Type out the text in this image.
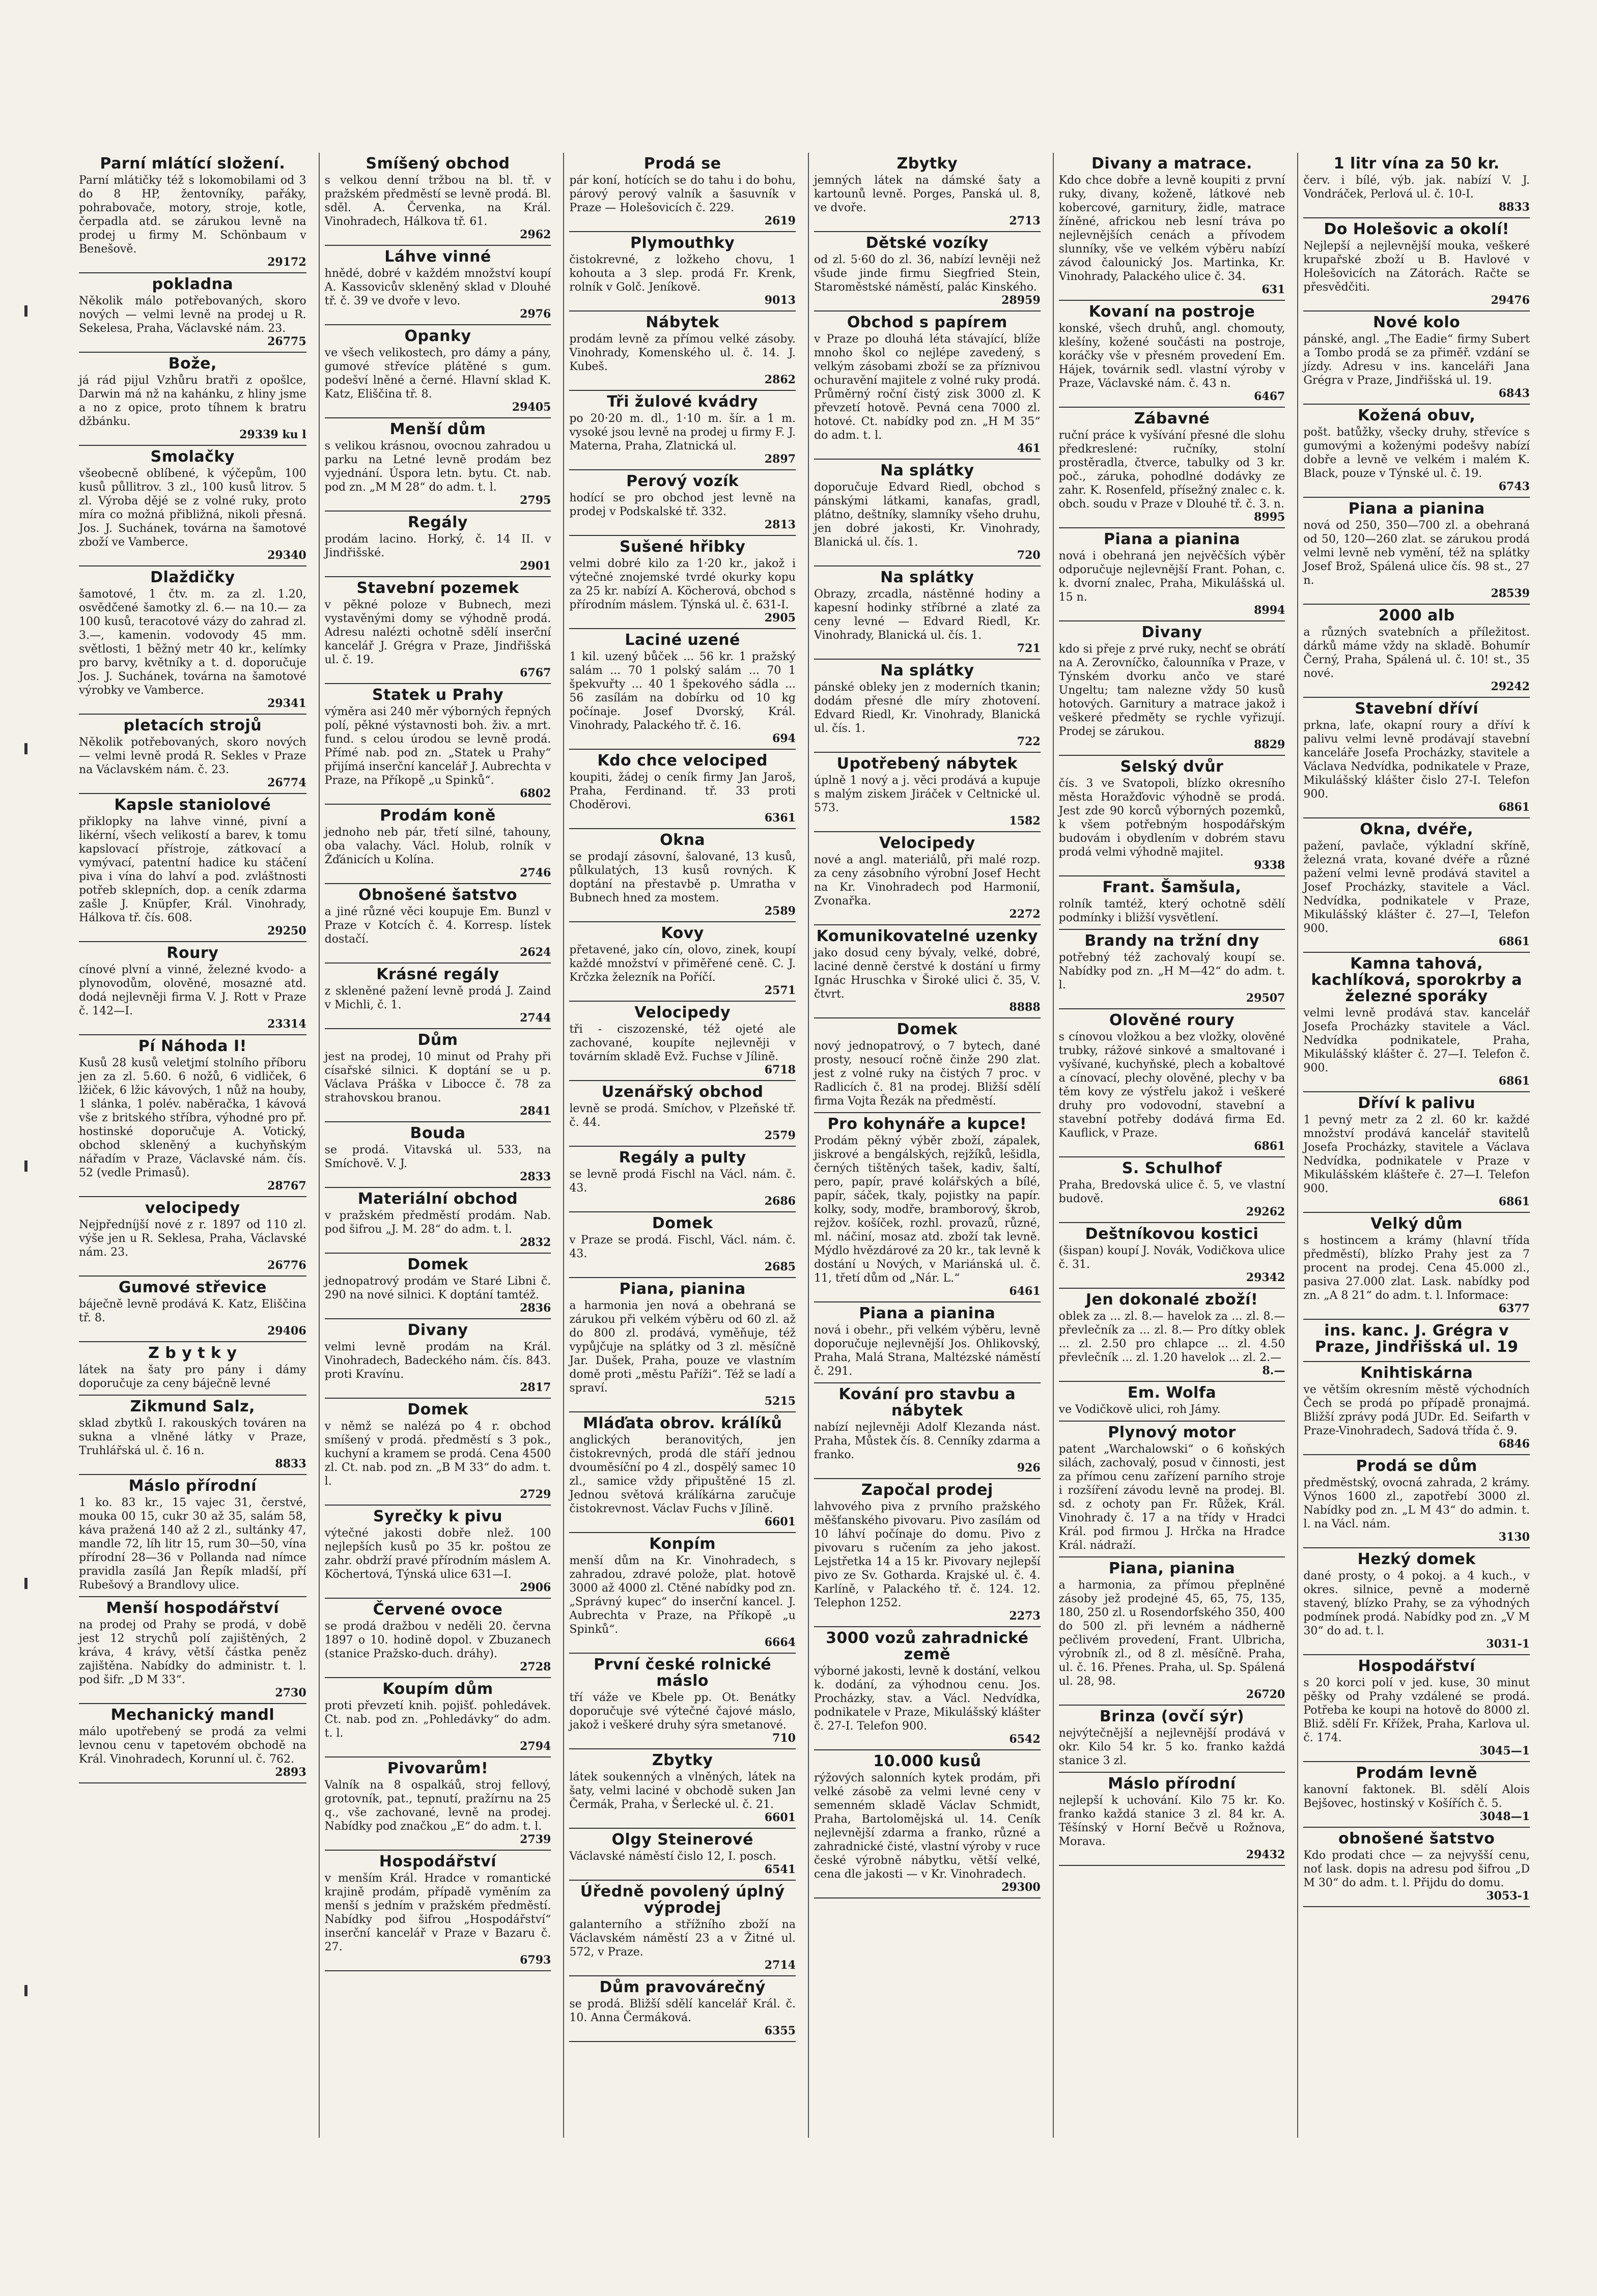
Parní mlátící složení.

Parní mlátičky též s lokomobilami od 3 do 8 HP, žentovníky, pařáky, pohrabovače, motory, stroje, kotle, čerpadla atd. se zárukou levně na prodej u firmy M. Schönbaum v Benešově.

29172
pokladna

Několik málo potřebovaných, skoro nových — velmi levně na prodej u R. Sekelesa, Praha, Václavské nám. 23.

26775
Bože,

já rád pijul Vzhůru bratři z opošlce, Darwin má nž na kahánku, z hliny jsme a no z opice, proto tíhnem k bratru džbánku.

29339 ku l
Smolačky

všeobecně oblíbené, k výčepům, 100 kusů půllitrov. 3 zl., 100 kusů litrov. 5 zl. Výroba dějé se z volné ruky, proto míra co možná přibližná, nikoli přesná. Jos. J. Suchánek, továrna na šamotové zboží ve Vamberce.

29340
Dlaždičky

šamotové, 1 čtv. m. za zl. 1.20, osvědčené šamotky zl. 6.— na 10.— za 100 kusů, teracotové vázy do zahrad zl. 3.—, kamenin. vodovody 45 mm. světlosti, 1 běžný metr 40 kr., kelímky pro barvy, květníky a t. d. doporučuje Jos. J. Suchánek, továrna na šamotové výrobky ve Vamberce.

29341
pletacích strojů

Několik potřebovaných, skoro nových — velmi levně prodá R. Sekles v Praze na Václavském nám. č. 23.

26774
Kapsle staniolové

přiklopky na lahve vinné, pivní a likérní, všech velikostí a barev, k tomu kapslovací přístroje, zátkovací a vymývací, patentní hadice ku stáčení piva i vína do lahví a pod. zvláštnosti potřeb sklepních, dop. a ceník zdarma zašle J. Knüpfer, Král. Vinohrady, Hálkova tř. čís. 608.

29250
Roury

cínové plvní a vinné, železné kvodo- a plynovodům, olověné, mosazné atd. dodá nejlevněji firma V. J. Rott v Praze č. 142—I.

23314
Pí Náhoda I!

Kusů 28 kusů veletjmí stolního příboru jen za zl. 5.60. 6 nožů, 6 vidliček, 6 lžiček, 6 lžic kávových, 1 nůž na houby, 1 slánka, 1 polév. naběračka, 1 kávová vše z britského stříbra, výhodné pro př. hostinské doporučuje A. Votický, obchod skleněný a kuchyňským nářadím v Praze, Václavské nám. čís. 52 (vedle Primasů).

28767
velocipedy

Nejpředníjší nové z r. 1897 od 110 zl. výše jen u R. Seklesa, Praha, Václavské nám. 23.

26776
Gumové střevice

báječně levně prodává K. Katz, Eliščina tř. 8.

29406
Z b y t k y

látek na šaty pro pány i dámy doporučuje za ceny báječně levné

Zikmund Salz,

sklad zbytků I. rakouských továren na sukna a vlněné látky v Praze, Truhlářská ul. č. 16 n.

8833
Máslo přírodní

1 ko. 83 kr., 15 vajec 31, čerstvé, mouka 00 15, cukr 30 až 35, salám 58, káva pražená 140 až 2 zl., sultánky 47, mandle 72, líh litr 15, rum 30—50, vína přírodní 28—36 v Pollanda nad nímce pravidla zasílá Jan Řepík mladší, pří Rubešový a Brandlovy ulice.

Menší hospodářství

na prodej od Prahy se prodá, v době jest 12 strychů polí zajištěných, 2 kráva, 4 krávy, větší částka peněz zajištěna. Nabídky do administr. t. l. pod šifr. „D M 33“.

2730
Mechanický mandl

málo upotřebený se prodá za velmi levnou cenu v tapetovém obchodě na Král. Vinohradech, Korunní ul. č. 762.

2893
Smíšený obchod

s velkou denní tržbou na bl. tř. v pražském předměstí se levně prodá. Bl. sděl. A. Červenka, na Král. Vinohradech, Hálkova tř. 61.

2962
Láhve vinné

hnědé, dobré v každém množství koupí A. Kassovicův skleněný sklad v Dlouhé tř. č. 39 ve dvoře v levo.

2976
Opanky

ve všech velikostech, pro dámy a pány, gumové střevíce plátěné s gum. podešví lněné a černé. Hlavní sklad K. Katz, Eliščina tř. 8.

29405
Menší dům

s velikou krásnou, ovocnou zahradou u parku na Letné levně prodám bez vyjednání. Úspora letn. bytu. Ct. nab. pod zn. „M M 28“ do adm. t. l.

2795
Regály

prodám lacino. Horký, č. 14 II. v Jindřišské.

2901
Stavební pozemek

v pěkné poloze v Bubnech, mezi vystavěnými domy se výhodně prodá. Adresu nalézti ochotně sdělí inserční kancelář J. Grégra v Praze, Jindřišská ul. č. 19.

6767
Statek u Prahy

výměra asi 240 měr výborných řepných polí, pěkné výstavnosti boh. živ. a mrt. fund. s celou úrodou se levně prodá. Přímé nab. pod zn. „Statek u Prahy“ přijímá inserční kancelář J. Aubrechta v Praze, na Příkopě „u Spinků“.

6802
Prodám koně

jednoho neb pár, třetí silné, tahouny, oba valachy. Václ. Holub, rolník v Žďánicích u Kolína.

2746
Obnošené šatstvo

a jiné různé věci koupuje Em. Bunzl v Praze v Kotcích č. 4. Korresp. lístek dostačí.

2624
Krásné regály

z skleněné pažení levně prodá J. Zaind v Michli, č. 1.

2744
Dům

jest na prodej, 10 minut od Prahy při císařské silnici. K doptání se u p. Václava Práška v Libocce č. 78 za strahovskou branou.

2841
Bouda

se prodá. Vitavská ul. 533, na Smíchově. V. J.

2833
Materiální obchod

v pražském předměstí prodám. Nab. pod šifrou „J. M. 28“ do adm. t. l.

2832
Domek

jednopatrový prodám ve Staré Libni č. 290 na nové silnici. K doptání tamtéž.

2836
Divany

velmi levně prodám na Král. Vinohradech, Badeckého nám. čís. 843. proti Kravínu.

2817
Domek

v němž se nalézá po 4 r. obchod smíšený v prodá. předměstí s 3 pok., kuchyní a kramem se prodá. Cena 4500 zl. Ct. nab. pod zn. „B M 33“ do adm. t. l.

2729
Syrečky k pivu

výtečné jakosti dobře nlež. 100 nejlepších kusů po 35 kr. poštou ze zahr. obdrží pravé přírodním máslem A. Köchertová, Týnská ulice 631—I.

2906
Červené ovoce

se prodá dražbou v neděli 20. června 1897 o 10. hodině dopol. v Zbuzanech (stanice Pražsko-duch. dráhy).

2728
Koupím dům

proti převzetí knih. pojišť. pohledávek. Ct. nab. pod zn. „Pohledávky“ do adm. t. l.

2794
Pivovarům!

Valník na 8 ospalkáů, stroj fellový, grotovník, pat., tepnutí, pražírnu na 25 q., vše zachované, levně na prodej. Nabídky pod značkou „E“ do adm. t. l.

2739
Hospodářství

v menším Král. Hradce v romantické krajině prodám, případě vyměním za menší s jedním v pražském předměstí. Nabídky pod šifrou „Hospodářství“ inserční kancelář v Praze v Bazaru č. 27.

6793
Prodá se

pár koní, hotících se do tahu i do bohu, párový perový valník a šasuvník v Praze — Holešovicích č. 229.

2619
Plymouthky

čistokrevné, z ložkeho chovu, 1 kohouta a 3 slep. prodá Fr. Krenk, rolník v Golč. Jeníkově.

9013
Nábytek

prodám levně za přímou velké zásoby. Vinohrady, Komenského ul. č. 14. J. Kubeš.

2862
Tři žulové kvádry

po 20·20 m. dl., 1·10 m. šír. a 1 m. vysoké jsou levně na prodej u firmy F. J. Materna, Praha, Zlatnická ul.

2897
Perový vozík

hodící se pro obchod jest levně na prodej v Podskalské tř. 332.

2813
Sušené hřibky

velmi dobré kilo za 1·20 kr., jakož i výtečné znojemské tvrdé okurky kopu za 25 kr. nabízí A. Köcherová, obchod s přírodním máslem. Týnská ul. č. 631-I.

2905
Laciné uzené

1 kil. uzený bůček ... 56 kr. 1 pražský salám ... 70 1 polský salám ... 70 1 špekvuřty ... 40 1 špekového sádla ... 56 zasílám na dobírku od 10 kg počínaje. Josef Dvorský, Král. Vinohrady, Palackého tř. č. 16.

694
Kdo chce velociped

koupiti, žádej o ceník firmy Jan Jaroš, Praha, Ferdinand. tř. 33 proti Choděrovi.

6361
Okna

se prodají zásovní, šalované, 13 kusů, půlkulatých, 13 kusů rovných. K doptání na přestavbě p. Umratha v Bubnech hned za mostem.

2589
Kovy

přetavené, jako cín, olovo, zinek, koupí každé množství v přiměřené ceně. C. J. Krčzka železník na Poříčí.

2571
Velocipedy

tři - ciszozenské, též ojeté ale zachované, koupíte nejlevněji v továrním skladě Evž. Fuchse v Jílině.

6718
Uzenářský obchod

levně se prodá. Smíchov, v Plzeňské tř. č. 44.

2579
Regály a pulty

se levně prodá Fischl na Václ. nám. č. 43.

2686
Domek

v Praze se prodá. Fischl, Václ. nám. č. 43.

2685
Piana, pianina

a harmonia jen nová a obehraná se zárukou při velkém výběru od 60 zl. až do 800 zl. prodává, vyměňuje, též vypůjčuje na splátky od 3 zl. měsíčně Jar. Dušek, Praha, pouze ve vlastním domě proti „městu Paříži“. Též se ladí a spraví.

5215
Mláďata obrov. králíků

anglických beranovitých, jen čistokrevných, prodá dle stáří jednou dvouměsíční po 4 zl., dospělý samec 10 zl., samice vždy připuštěné 15 zl. Jednou světová králíkárna zaručuje čistokrevnost. Václav Fuchs v Jílině.

6601
Konpím

menší dům na Kr. Vinohradech, s zahradou, zdravé polože, plat. hotově 3000 až 4000 zl. Ctěné nabídky pod zn. „Správný kupec“ do inserční kancel. J. Aubrechta v Praze, na Příkopě „u Spinků“.

6664
První české rolnické máslo

tří váže ve Kbele pp. Ot. Benátky doporučuje své výtečné čajové máslo, jakož i veškeré druhy sýra smetanové.

710
Zbytky

látek soukenných a vlněných, látek na šaty, velmi laciné v obchodě suken Jan Čermák, Praha, v Šerlecké ul. č. 21.

6601
Olgy Steinerové

Václavské náměstí čislo 12, I. posch.

6541
Úředně povolený úplný výprodej

galanterního a střížního zboží na Václavském náměstí 23 a v Žitné ul. 572, v Praze.

2714
Dům pravovárečný

se prodá. Bližší sdělí kancelář Král. č. 10. Anna Čermáková.

6355
Zbytky

jemných látek na dámské šaty a kartounů levně. Porges, Panská ul. 8, ve dvoře.

2713
Dětské vozíky

od zl. 5·60 do zl. 36, nabízí levněji než všude jinde firmu Siegfried Stein, Staroměstské náměstí, palác Kinského.

28959
Obchod s papírem

v Praze po dlouhá léta stávající, blíže mnoho škol co nejlépe zavedený, s velkým zásobami zboží se za příznivou ochuravění majitele z volné ruky prodá. Průměrný roční čistý zisk 3000 zl. K převzetí hotově. Pevná cena 7000 zl. hotové. Ct. nabídky pod zn. „H M 35“ do adm. t. l.

461
Na splátky

doporučuje Edvard Riedl, obchod s pánskými látkami, kanafas, gradl, plátno, deštníky, slamníky všeho druhu, jen dobré jakosti, Kr. Vinohrady, Blanická ul. čís. 1.

720
Na splátky

Obrazy, zrcadla, nástěnné hodiny a kapesní hodinky stříbrné a zlaté za ceny levné — Edvard Riedl, Kr. Vinohrady, Blanická ul. čís. 1.

721
Na splátky

pánské obleky jen z moderních tkanin; dodám přesné dle míry zhotovení. Edvard Riedl, Kr. Vinohrady, Blanická ul. čís. 1.

722
Upotřebený nábytek

úplně 1 nový a j. věci prodává a kupuje s malým ziskem Jiráček v Celtnické ul. 573.

1582
Velocipedy

nové a angl. materiálů, při malé rozp. za ceny zásobního výrobní Josef Hecht na Kr. Vinohradech pod Harmonií, Zvonařka.

2272
Komunikovatelné uzenky

jako dosud ceny bývaly, velké, dobré, laciné denně čerstvé k dostání u firmy Ignác Hruschka v Široké ulici č. 35, V. čtvrt.

8888
Domek

nový jednopatrový, o 7 bytech, dané prosty, nesoucí ročně činže 290 zlat. jest z volné ruky na čistých 7 proc. v Radlicích č. 81 na prodej. Bližší sdělí firma Vojta Řezák na předměstí.

Pro kohynáře a kupce!

Prodám pěkný výběr zboží, zápalek, jiskrové a bengálských, rejžíků, lešidla, černých tištěných tašek, kadiv, šaltí, pero, papír, pravé kolářských a bílé, papír, sáček, tkaly, pojistky na papír. kolky, sody, modře, bramborový, škrob, rejžov. košíček, rozhl. provazů, různé, ml. náčiní, mosaz atd. zboží tak levně. Mýdlo hvězdárové za 20 kr., tak levně k dostání u Nových, v Mariánská ul. č. 11, třetí dům od „Nár. L.“

6461
Piana a pianina

nová i obehr., při velkém výběru, levně doporučuje nejlevnější Jos. Ohlikovský, Praha, Malá Strana, Maltézské náměstí č. 291.

Kování pro stavbu a nábytek

nabízí nejlevněji Adolf Klezanda nást. Praha, Můstek čís. 8. Cenníky zdarma a franko.

926
Započal prodej

lahvového piva z prvního pražského měšťanského pivovaru. Pivo zasílám od 10 láhví počínaje do domu. Pivo z pivovaru s ručením za jeho jakost. Lejstřetka 14 a 15 kr. Pivovary nejlepší pivo ze Sv. Gotharda. Krajské ul. č. 4. Karlíně, v Palackého tř. č. 124. 12. Telephon 1252.

2273
3000 vozů zahradnické země

výborné jakosti, levně k dostání, velkou k. dodání, za výhodnou cenu. Jos. Procházky, stav. a Václ. Nedvídka, podnikatele v Praze, Mikulášský klášter č. 27-I. Telefon 900.

6542
10.000 kusů

rýžových salonních kytek prodám, při velké zásobě za velmi levné ceny v semenném skladě Václav Schmidt, Praha, Bartolomějská ul. 14. Ceník nejlevnější zdarma a franko, různé a zahradnické čisté, vlastní výroby v ruce české výrobně nábytku, větší velké, cena dle jakosti — v Kr. Vinohradech.

29300
Divany a matrace.

Kdo chce dobře a levně koupiti z první ruky, divany, koženě, látkové neb kobercové, garnitury, židle, matrace žíněné, africkou neb lesní tráva po nejlevnějších cenách a přívodem slunníky, vše ve velkém výběru nabízí závod čalounický Jos. Martinka, Kr. Vinohrady, Palackého ulice č. 34.

631
Kovaní na postroje

konské, všech druhů, angl. chomouty, klešíny, kožené součásti na postroje, koráčky vše v přesném provedení Em. Hájek, továrnik sedl. vlastní výroby v Praze, Václavské nám. č. 43 n.

6467
Zábavné

ruční práce k vyšívání přesné dle slohu předkreslené: ručníky, stolní prostěradla, čtverce, tabulky od 3 kr. poč., záruka, pohodlné dodávky ze zahr. K. Rosenfeld, přísežný znalec c. k. obch. soudu v Praze v Dlouhé tř. č. 3. n.

8995
Piana a pianina

nová i obehraná jen nejvěčších výběr odporučuje nejlevnější Frant. Pohan, c. k. dvorní znalec, Praha, Mikulášská ul. 15 n.

8994
Divany

kdo si přeje z prvé ruky, nechť se obrátí na A. Zerovníčko, čalounníka v Praze, v Týnském dvorku ančo ve staré Ungeltu; tam nalezne vždy 50 kusů hotových. Garnitury a matrace jakož i veškeré předměty se rychle vyřizují. Prodej se zárukou.

8829
Selský dvůr

čís. 3 ve Svatopoli, blízko okresního města Horažďovic výhodně se prodá. Jest zde 90 korců výborných pozemků, k všem potřebným hospodářským budovám i obydlením v dobrém stavu prodá velmi výhodně majitel.

9338
Frant. Šamšula,

rolník tamtéž, který ochotně sdělí podmínky i bližší vysvětlení.

Brandy na tržní dny

potřebný též zachovalý koupí se. Nabídky pod zn. „H M—42“ do adm. t. l.

29507
Olověné roury

s cínovou vložkou a bez vložky, olověné trubky, rážové sinkové a smaltované i vyšívané, kuchyňské, plech a kobaltové a cínovací, plechy olověné, plechy v ba těm kovy ze výstřelu jakož i veškeré druhy pro vodovodní, stavební a stavební potřeby dodává firma Ed. Kauflick, v Praze.

6861
S. Schulhof

Praha, Bredovská ulice č. 5, ve vlastní budově.

29262
Deštníkovou kostici

(šispan) koupí J. Novák, Vodičkova ulice č. 31.

29342
Jen dokonalé zboží!

oblek za ... zl. 8.— havelok za ... zl. 8.— převlečník za ... zl. 8.— Pro dítky oblek ... zl. 2.50 pro chlapce ... zl. 4.50 převlečník ... zl. 1.20 havelok ... zl. 2.—

8.—
Em. Wolfa

ve Vodičkově ulici, roh Jámy.

Plynový motor

patent „Warchalowski“ o 6 koňských silách, zachovalý, posud v činnosti, jest za přímou cenu zařízení parního stroje i rozšíření závodu levně na prodej. Bl. sd. z ochoty pan Fr. Růžek, Král. Vinohrady č. 17 a na třídy v Hradci Král. pod firmou J. Hrčka na Hradce Král. nádraží.

Piana, pianina

a harmonia, za přímou přeplněné zásoby jež prodejné 45, 65, 75, 135, 180, 250 zl. u Rosendorfského 350, 400 do 500 zl. při levném a nádherně pečlivém provedení, Frant. Ulbricha, výrobník zl., od 8 zl. měsíčně. Praha, ul. č. 16. Přenes. Praha, ul. Sp. Spálená ul. 28, 98.

26720
Brinza (ovčí sýr)

nejvýtečnější a nejlevnější prodává v okr. Kilo 54 kr. 5 ko. franko každá stanice 3 zl.

Máslo přírodní

nejlepší k uchování. Kilo 75 kr. Ko. franko každá stanice 3 zl. 84 kr. A. Těšínský v Horní Bečvě u Rožnova, Morava.

29432
1 litr vína za 50 kr.

červ. i bílé, výb. jak. nabízí V. J. Vondráček, Perlová ul. č. 10-I.

8833
Do Holešovic a okolí!

Nejlepší a nejlevnější mouka, veškeré krupařské zboží u B. Havlové v Holešovicích na Zátorách. Račte se přesvědčiti.

29476
Nové kolo

pánské, angl. „The Eadie“ firmy Subert a Tombo prodá se za přiměř. vzdání se jízdy. Adresu v ins. kanceláři Jana Grégra v Praze, Jindřišská ul. 19.

6843
Kožená obuv,

pošt. batůžky, všecky druhy, střevíce s gumovými a koženými podešvy nabízí dobře a levně ve velkém i malém K. Black, pouze v Týnské ul. č. 19.

6743
Piana a pianina

nová od 250, 350—700 zl. a obehraná od 50, 120—260 zlat. se zárukou prodá velmi levně neb vymění, též na splátky Josef Brož, Spálená ulice čís. 98 st., 27 n.

28539
2000 alb

a různých svatebních a příležitost. dárků máme vždy na skladě. Bohumír Černý, Praha, Spálená ul. č. 10! st., 35 nové.

29242
Stavební dříví

prkna, laťe, okapní roury a dříví k palivu velmi levně prodávají stavební kanceláře Josefa Procházky, stavitele a Václava Nedvídka, podnikatele v Praze, Mikulášský klášter čislo 27-I. Telefon 900.

6861
Okna, dvéře,

pažení, pavlače, výkladní skříně, železná vrata, kované dvéře a různé pažení velmi levně prodává stavitel a Josef Procházky, stavitele a Václ. Nedvídka, podnikatele v Praze, Mikulášský klášter č. 27—I, Telefon 900.

6861
Kamna tahová, kachlíková, sporokrby a železné sporáky

velmi levně prodává stav. kancelář Josefa Procházky stavitele a Václ. Nedvídka podnikatele, Praha, Mikulášský klášter č. 27—I. Telefon č. 900.

6861
Dříví k palivu

1 pevný metr za 2 zl. 60 kr. každé množství prodává kancelář stavitelů Josefa Procházky, stavitele a Václava Nedvídka, podnikatele v Praze v Mikulášském klášteře č. 27—I. Telefon 900.

6861
Velký dům

s hostincem a krámy (hlavní třída předměstí), blízko Prahy jest za 7 procent na prodej. Cena 45.000 zl., pasiva 27.000 zlat. Lask. nabídky pod zn. „A 8 21“ do adm. t. l. Informace:

6377
ins. kanc. J. Grégra v Praze, Jindřišská ul. 19

Knihtiskárna

ve větším okresním městě východních Čech se prodá po případě pronajmá. Bližší zprávy podá JUDr. Ed. Seifarth v Praze-Vinohradech, Sadová třída č. 9.

6846
Prodá se dům

předměstský, ovocná zahrada, 2 krámy. Výnos 1600 zl., zapotřebí 3000 zl. Nabídky pod zn. „L M 43“ do admin. t. l. na Václ. nám.

3130
Hezký domek

dané prosty, o 4 pokoj. a 4 kuch., v okres. silnice, pevně a moderně stavený, blízko Prahy, se za výhodných podmínek prodá. Nabídky pod zn. „V M 30“ do ad. t. l.

3031-1
Hospodářství

s 20 korci polí v jed. kuse, 30 minut pěšky od Prahy vzdálené se prodá. Potřeba ke koupi na hotově do 8000 zl. Bliž. sdělí Fr. Křížek, Praha, Karlova ul. č. 174.

3045—1
Prodám levně

kanovní faktonek. Bl. sdělí Alois Bejšovec, hostinský v Košířích č. 5.

3048—1
obnošené šatstvo

Kdo prodati chce — za nejvyšší cenu, noť lask. dopis na adresu pod šifrou „D M 30“ do adm. t. l. Přijdu do domu.

3053-1
